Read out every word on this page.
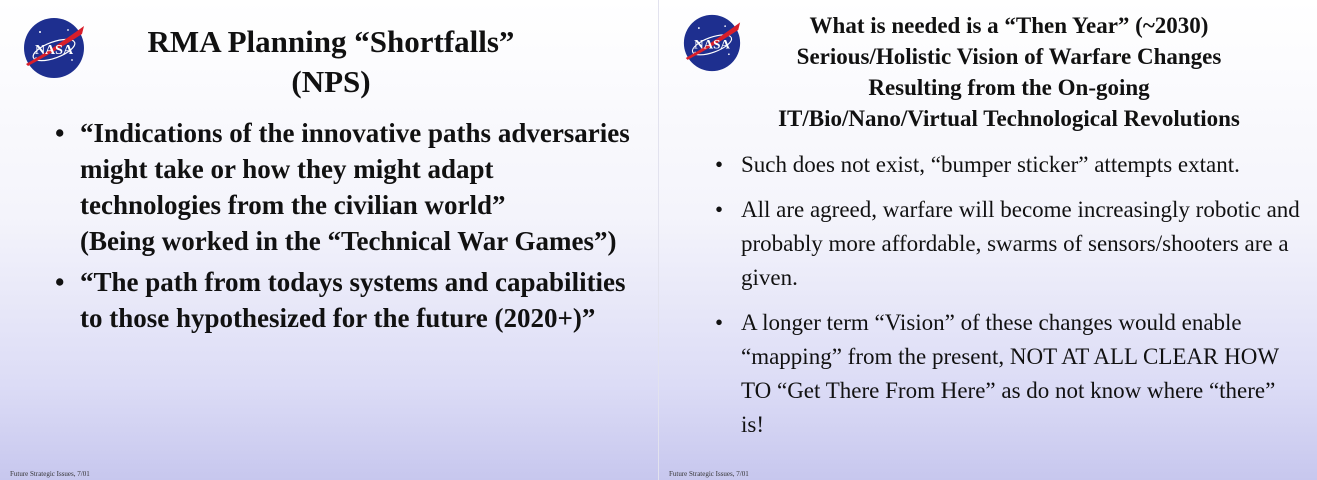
NASA	RMA Planning “Shortfalls”
(NPS)
• “Indications of the innovative paths adversaries might take or how they might adapt technologies from the civilian world”
(Being worked in the “Technical War Games”)
• “The path from todays systems and capabilities to those hypothesized for the future (2020+)”
Future Strategic Issues, 7/01
NASA
What is needed is a “Then Year” (~2030)
Serious/Holistic Vision of Warfare Changes
Resulting from the On-going
IT/Bio/Nano/Virtual Technological Revolutions
• Such does not exist, “bumper sticker” attempts extant.
• All are agreed, warfare will become increasingly robotic and probably more affordable, swarms of sensors/shooters are a given.
• A longer term “Vision” of these changes would enable “mapping” from the present, NOT AT ALL CLEAR HOW TO “Get There From Here” as do not know where “there” is!
Future Strategic Issues, 7/01
